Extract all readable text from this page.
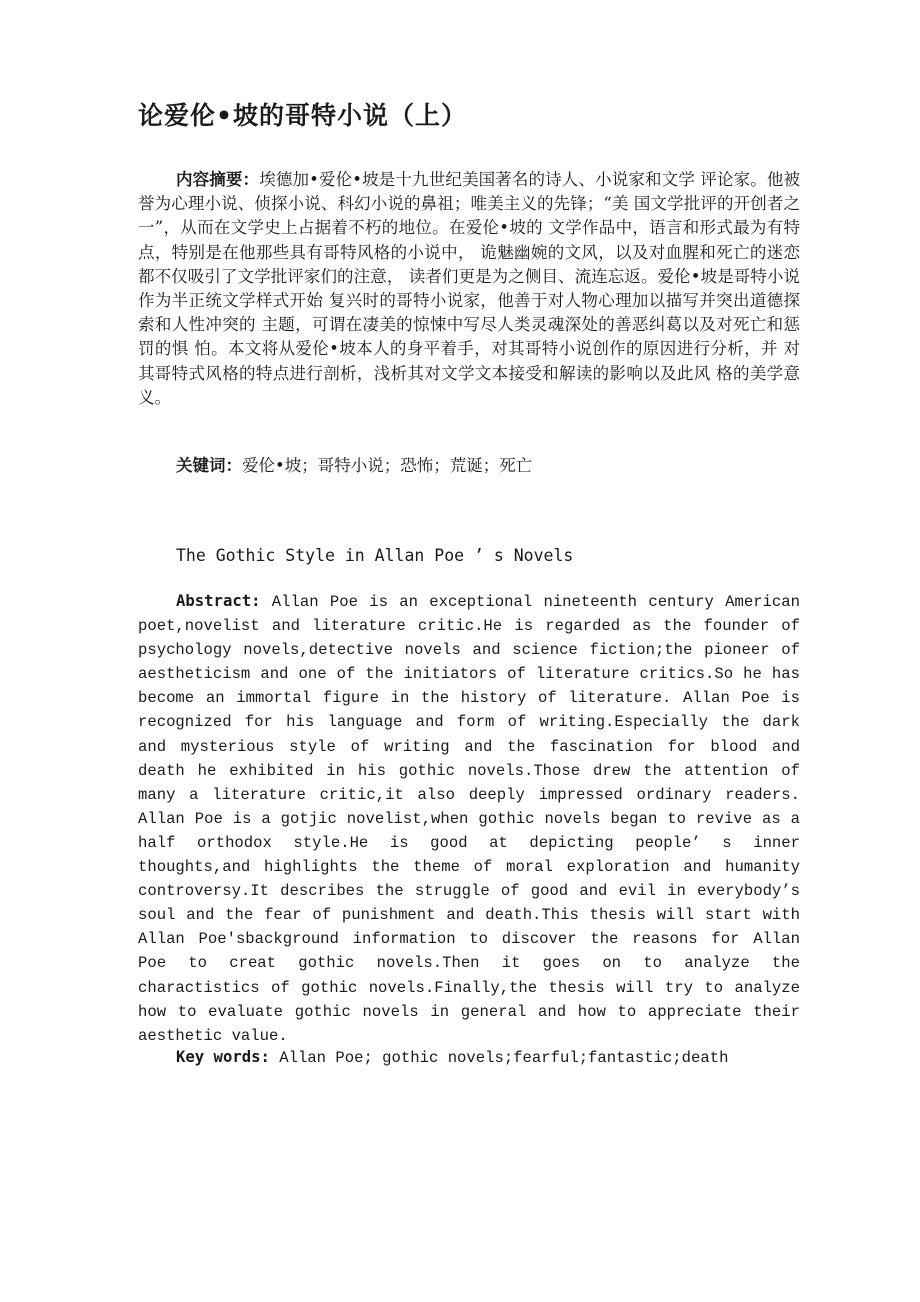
论爱伦•坡的哥特小说（上）

内容摘要：埃德加•爱伦•坡是十九世纪美国著名的诗人、小说家和文学 评论家。他被誉为心理小说、侦探小说、科幻小说的鼻祖；唯美主义的先锋；“美 国文学批评的开创者之一”，从而在文学史上占据着不朽的地位。在爱伦•坡的 文学作品中，语言和形式最为有特点，特别是在他那些具有哥特风格的小说中， 诡魅幽婉的文风，以及对血腥和死亡的迷恋都不仅吸引了文学批评家们的注意， 读者们更是为之侧目、流连忘返。爱伦•坡是哥特小说作为半正统文学样式开始 复兴时的哥特小说家，他善于对人物心理加以描写并突出道德探索和人性冲突的 主题，可谓在凄美的惊悚中写尽人类灵魂深处的善恶纠葛以及对死亡和惩罚的惧 怕。本文将从爱伦•坡本人的身平着手，对其哥特小说创作的原因进行分析，并 对其哥特式风格的特点进行剖析，浅析其对文学文本接受和解读的影响以及此风 格的美学意义。

关键词：爱伦•坡；哥特小说；恐怖；荒诞；死亡

The Gothic Style in Allan Poe ’ s Novels

Abstract: Allan Poe is an exceptional nineteenth century American poet,novelist and literature critic.He is regarded as the founder of psychology novels,detective novels and science fiction;the pioneer of aestheticism and one of the initiators of literature critics.So he has become an immortal figure in the history of literature. Allan Poe is recognized for his language and form of writing.Especially the dark and mysterious style of writing and the fascination for blood and death he exhibited in his gothic novels.Those drew the attention of many a literature critic,it also deeply impressed ordinary readers. Allan Poe is a gotjic novelist,when gothic novels began to revive as a half orthodox style.He is good at depicting people’ s inner thoughts,and highlights the theme of moral exploration and humanity controversy.It describes the struggle of good and evil in everybody’s soul and the fear of punishment and death.This thesis will start with Allan Poe'sbackground information to discover the reasons for Allan Poe to creat gothic novels.Then it goes on to analyze the charactistics of gothic novels.Finally,the thesis will try to analyze how to evaluate gothic novels in general and how to appreciate their aesthetic value.

Key words: Allan Poe; gothic novels;fearful;fantastic;death
